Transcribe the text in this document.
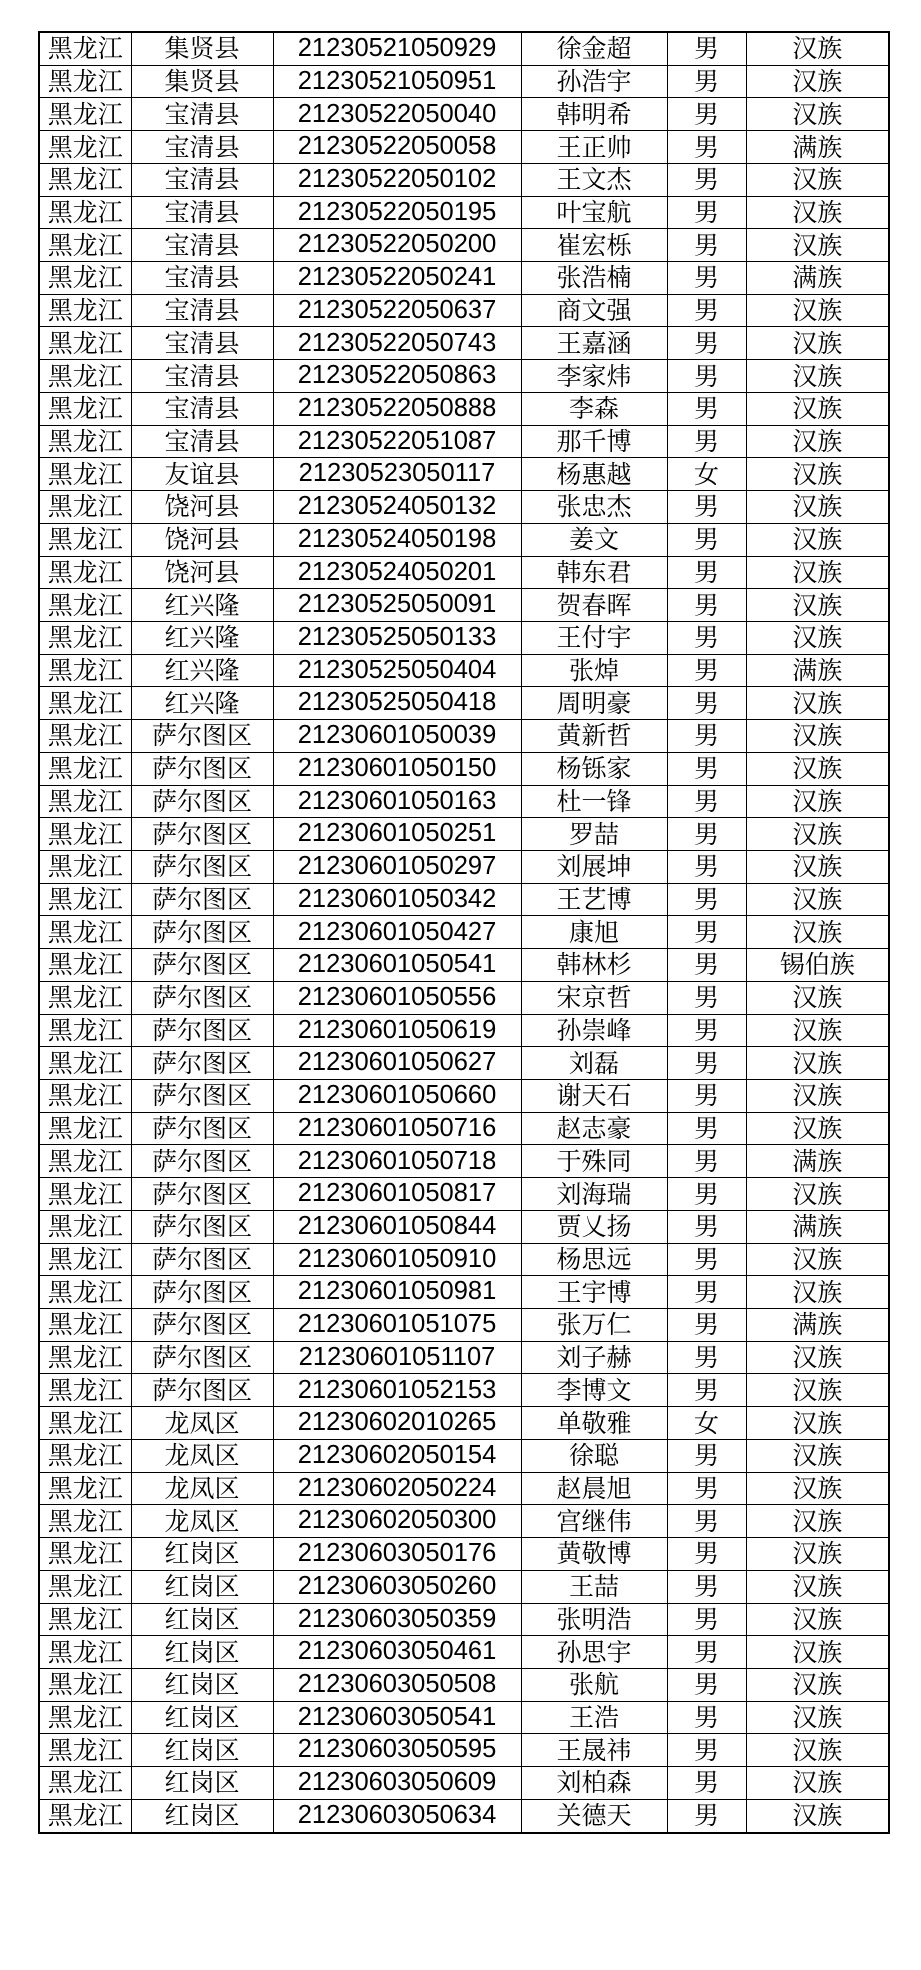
黑龙江	集贤县	21230521050929	徐金超	男	汉族
黑龙江	集贤县	21230521050951	孙浩宇	男	汉族
黑龙江	宝清县	21230522050040	韩明希	男	汉族
黑龙江	宝清县	21230522050058	王正帅	男	满族
黑龙江	宝清县	21230522050102	王文杰	男	汉族
黑龙江	宝清县	21230522050195	叶宝航	男	汉族
黑龙江	宝清县	21230522050200	崔宏栎	男	汉族
黑龙江	宝清县	21230522050241	张浩楠	男	满族
黑龙江	宝清县	21230522050637	商文强	男	汉族
黑龙江	宝清县	21230522050743	王嘉涵	男	汉族
黑龙江	宝清县	21230522050863	李家炜	男	汉族
黑龙江	宝清县	21230522050888	李森	男	汉族
黑龙江	宝清县	21230522051087	那千博	男	汉族
黑龙江	友谊县	21230523050117	杨惠越	女	汉族
黑龙江	饶河县	21230524050132	张忠杰	男	汉族
黑龙江	饶河县	21230524050198	姜文	男	汉族
黑龙江	饶河县	21230524050201	韩东君	男	汉族
黑龙江	红兴隆	21230525050091	贺春晖	男	汉族
黑龙江	红兴隆	21230525050133	王付宇	男	汉族
黑龙江	红兴隆	21230525050404	张焯	男	满族
黑龙江	红兴隆	21230525050418	周明豪	男	汉族
黑龙江	萨尔图区	21230601050039	黄新哲	男	汉族
黑龙江	萨尔图区	21230601050150	杨铄家	男	汉族
黑龙江	萨尔图区	21230601050163	杜一锋	男	汉族
黑龙江	萨尔图区	21230601050251	罗喆	男	汉族
黑龙江	萨尔图区	21230601050297	刘展坤	男	汉族
黑龙江	萨尔图区	21230601050342	王艺博	男	汉族
黑龙江	萨尔图区	21230601050427	康旭	男	汉族
黑龙江	萨尔图区	21230601050541	韩林杉	男	锡伯族
黑龙江	萨尔图区	21230601050556	宋京哲	男	汉族
黑龙江	萨尔图区	21230601050619	孙崇峰	男	汉族
黑龙江	萨尔图区	21230601050627	刘磊	男	汉族
黑龙江	萨尔图区	21230601050660	谢天石	男	汉族
黑龙江	萨尔图区	21230601050716	赵志豪	男	汉族
黑龙江	萨尔图区	21230601050718	于殊同	男	满族
黑龙江	萨尔图区	21230601050817	刘海瑞	男	汉族
黑龙江	萨尔图区	21230601050844	贾乂扬	男	满族
黑龙江	萨尔图区	21230601050910	杨思远	男	汉族
黑龙江	萨尔图区	21230601050981	王宇博	男	汉族
黑龙江	萨尔图区	21230601051075	张万仁	男	满族
黑龙江	萨尔图区	21230601051107	刘子赫	男	汉族
黑龙江	萨尔图区	21230601052153	李博文	男	汉族
黑龙江	龙凤区	21230602010265	单敬雅	女	汉族
黑龙江	龙凤区	21230602050154	徐聪	男	汉族
黑龙江	龙凤区	21230602050224	赵晨旭	男	汉族
黑龙江	龙凤区	21230602050300	宫继伟	男	汉族
黑龙江	红岗区	21230603050176	黄敬博	男	汉族
黑龙江	红岗区	21230603050260	王喆	男	汉族
黑龙江	红岗区	21230603050359	张明浩	男	汉族
黑龙江	红岗区	21230603050461	孙思宇	男	汉族
黑龙江	红岗区	21230603050508	张航	男	汉族
黑龙江	红岗区	21230603050541	王浩	男	汉族
黑龙江	红岗区	21230603050595	王晟祎	男	汉族
黑龙江	红岗区	21230603050609	刘柏森	男	汉族
黑龙江	红岗区	21230603050634	关德天	男	汉族
